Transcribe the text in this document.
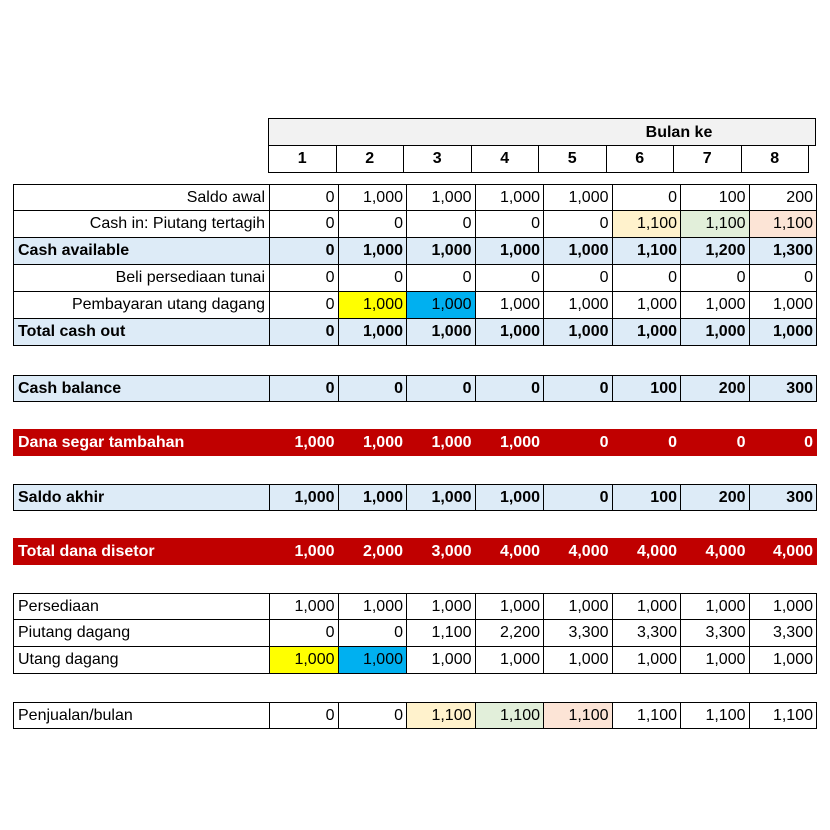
Bulan ke
1	2	3	4	5	6	7	8
Saldo awal	0	1,000	1,000	1,000	1,000	0	100	200
Cash in: Piutang tertagih	0	0	0	0	0	1,100	1,100	1,100
Cash available	0	1,000	1,000	1,000	1,000	1,100	1,200	1,300
Beli persediaan tunai	0	0	0	0	0	0	0	0
Pembayaran utang dagang	0	1,000	1,000	1,000	1,000	1,000	1,000	1,000
Total cash out	0	1,000	1,000	1,000	1,000	1,000	1,000	1,000
Cash balance	0	0	0	0	0	100	200	300
Dana segar tambahan	1,000	1,000	1,000	1,000	0	0	0	0
Saldo akhir	1,000	1,000	1,000	1,000	0	100	200	300
Total dana disetor	1,000	2,000	3,000	4,000	4,000	4,000	4,000	4,000
Persediaan	1,000	1,000	1,000	1,000	1,000	1,000	1,000	1,000
Piutang dagang	0	0	1,100	2,200	3,300	3,300	3,300	3,300
Utang dagang	1,000	1,000	1,000	1,000	1,000	1,000	1,000	1,000
Penjualan/bulan	0	0	1,100	1,100	1,100	1,100	1,100	1,100
